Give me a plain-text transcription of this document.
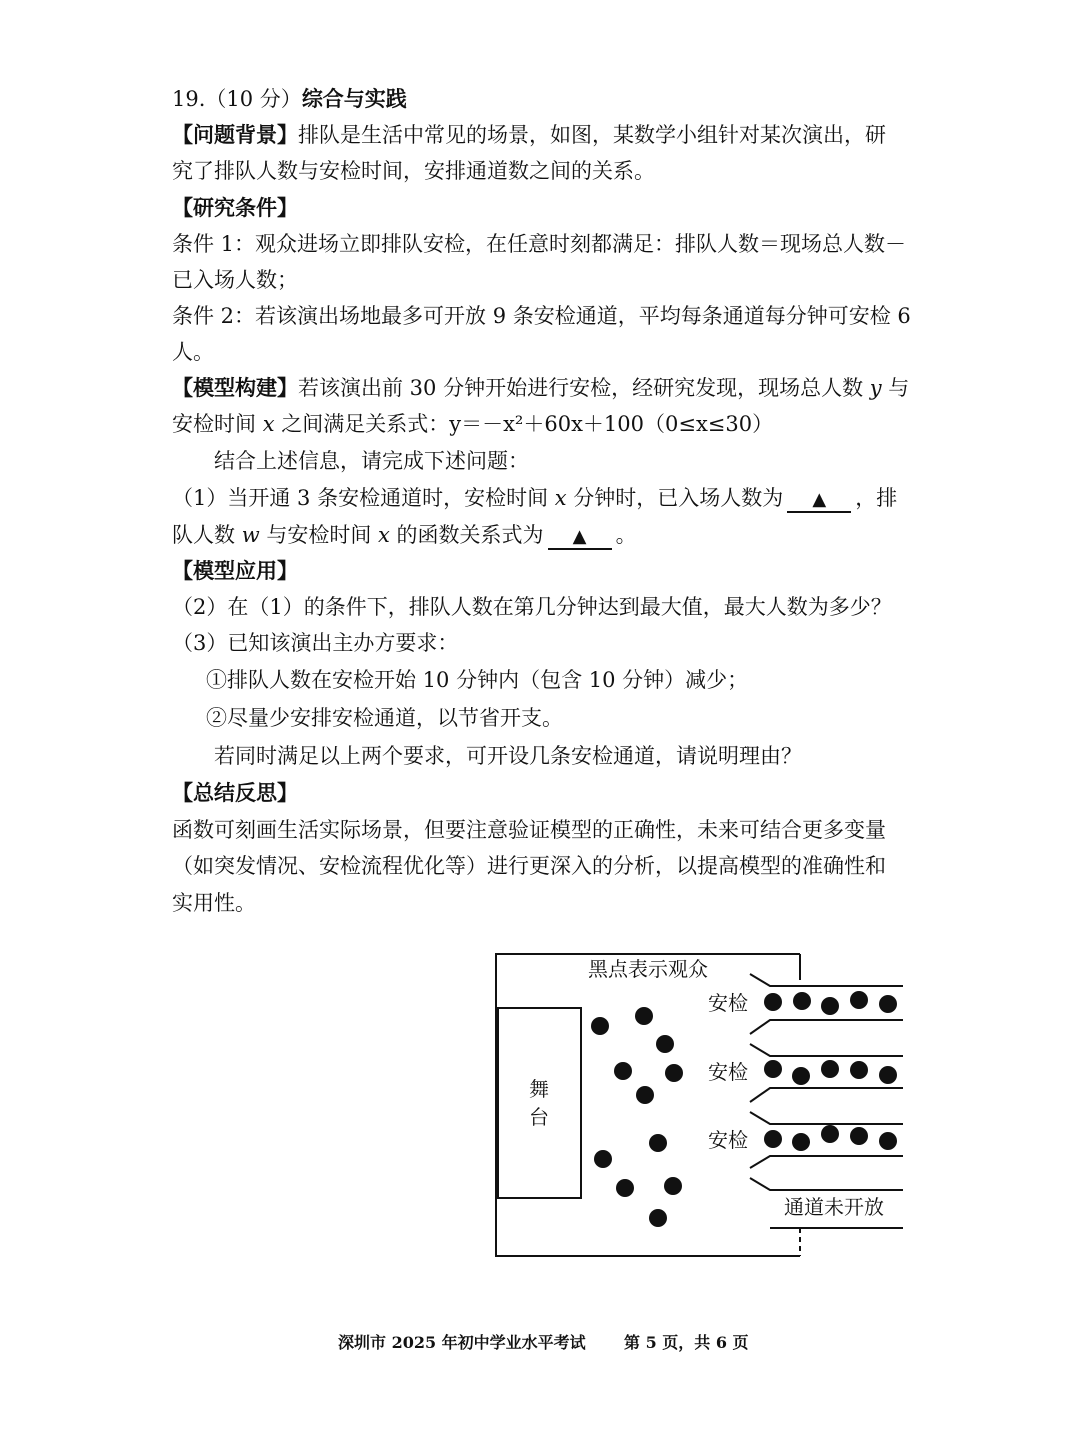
19.（10 分）综合与实践
【问题背景】排队是生活中常见的场景，如图，某数学小组针对某次演出，研
究了排队人数与安检时间，安排通道数之间的关系。
【研究条件】
条件 1：观众进场立即排队安检，在任意时刻都满足：排队人数＝现场总人数－
已入场人数；
条件 2：若该演出场地最多可开放 9 条安检通道，平均每条通道每分钟可安检 6
人。
【模型构建】若该演出前 30 分钟开始进行安检，经研究发现，现场总人数 y 与
安检时间 x 之间满足关系式：y＝－x²＋60x＋100（0≤x≤30）
结合上述信息，请完成下述问题：
（1）当开通 3 条安检通道时，安检时间 x 分钟时，已入场人数为 ▲ ，排
队人数 w 与安检时间 x 的函数关系式为 ▲ 。
【模型应用】
（2）在（1）的条件下，排队人数在第几分钟达到最大值，最大人数为多少？
（3）已知该演出主办方要求：
①排队人数在安检开始 10 分钟内（包含 10 分钟）减少；
②尽量少安排安检通道，以节省开支。
若同时满足以上两个要求，可开设几条安检通道，请说明理由？
【总结反思】
函数可刻画生活实际场景，但要注意验证模型的正确性，未来可结合更多变量
（如突发情况、安检流程优化等）进行更深入的分析，以提高模型的准确性和
实用性。
舞
台
黑点表示观众
安检
安检
安检
通道未开放
深圳市 2025 年初中学业水平考试 第 5 页，共 6 页
